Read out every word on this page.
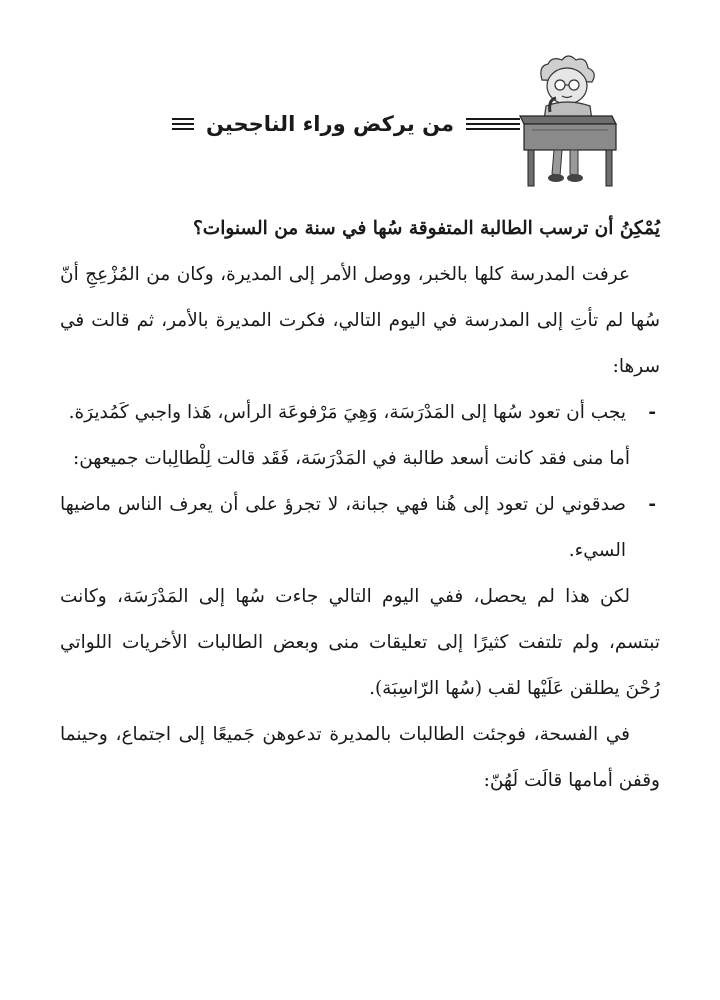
من يركض وراء الناجحين

يُمْكِنُ أن ترسب الطالبة المتفوقة سُها في سنة من السنوات؟

عرفت المدرسة كلها بالخبر، ووصل الأمر إلى المديرة، وكان من المُزْعِجِ أنّ سُها لم تأتِ إلى المدرسة في اليوم التالي، فكرت المديرة بالأمر، ثم قالت في سرها:

-
يجب أن تعود سُها إلى المَدْرَسَة، وَهِيَ مَرْفوعَة الرأس، هَذا واجبي كَمُديرَة.

أما منى فقد كانت أسعد طالبة في المَدْرَسَة، فَقَد قالت لِلْطالِبات جميعهن:

-
صدقوني لن تعود إلى هُنا فهي جبانة، لا تجرؤ على أن يعرف الناس ماضيها السيء.

لكن هذا لم يحصل، ففي اليوم التالي جاءت سُها إلى المَدْرَسَة، وكانت تبتسم، ولم تلتفت كثيرًا إلى تعليقات منى وبعض الطالبات الأخريات اللواتي رُحْنَ يطلقن عَلَيْها لقب (سُها الرّاسِبَة).

في الفسحة، فوجئت الطالبات بالمديرة تدعوهن جَميعًا إلى اجتماع، وحينما وقفن أمامها قالَت لَهُنّ:
